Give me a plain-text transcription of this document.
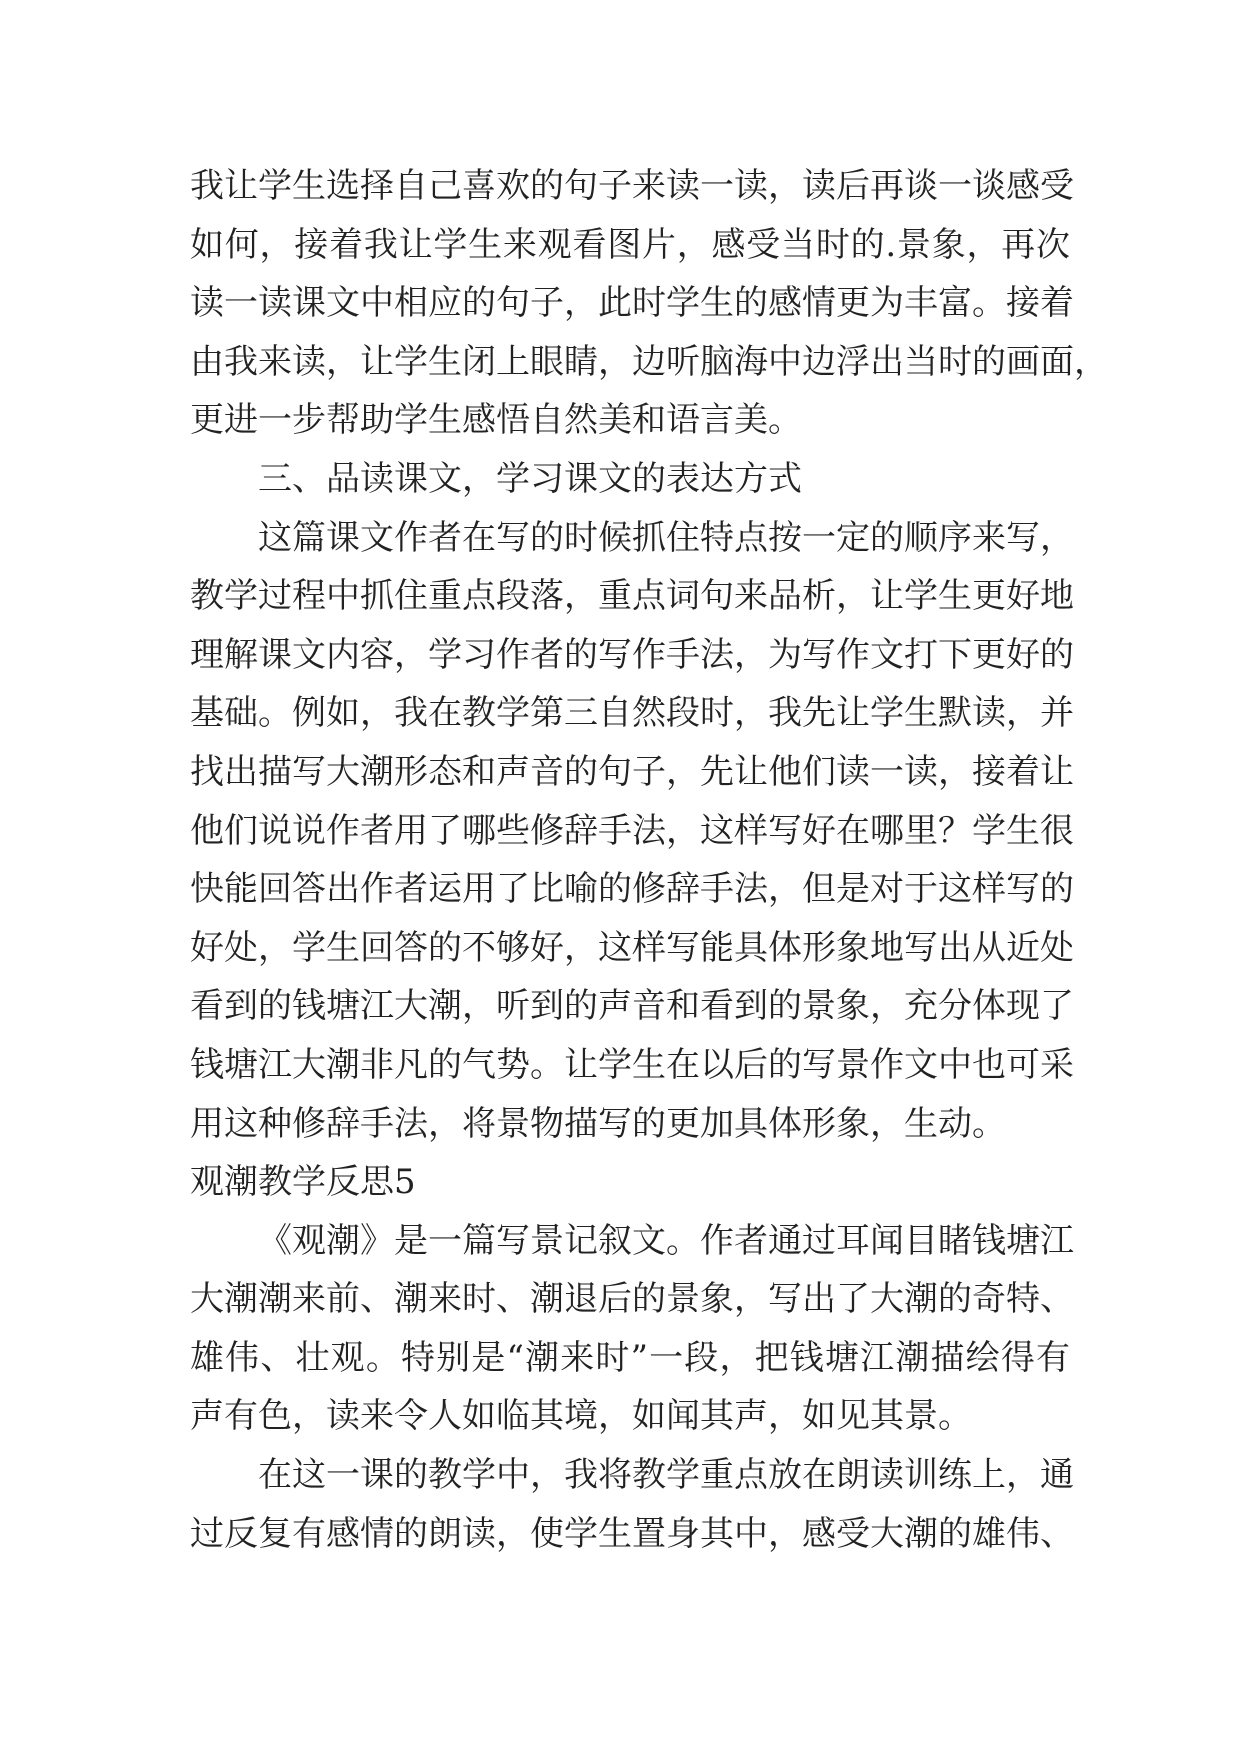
我让学生选择自己喜欢的句子来读一读，读后再谈一谈感受
如何，接着我让学生来观看图片，感受当时的.景象，再次
读一读课文中相应的句子，此时学生的感情更为丰富。接着
由我来读，让学生闭上眼睛，边听脑海中边浮出当时的画面，
更进一步帮助学生感悟自然美和语言美。
三、品读课文，学习课文的表达方式
这篇课文作者在写的时候抓住特点按一定的顺序来写，
教学过程中抓住重点段落，重点词句来品析，让学生更好地
理解课文内容，学习作者的写作手法，为写作文打下更好的
基础。例如，我在教学第三自然段时，我先让学生默读，并
找出描写大潮形态和声音的句子，先让他们读一读，接着让
他们说说作者用了哪些修辞手法，这样写好在哪里？学生很
快能回答出作者运用了比喻的修辞手法，但是对于这样写的
好处，学生回答的不够好，这样写能具体形象地写出从近处
看到的钱塘江大潮，听到的声音和看到的景象，充分体现了
钱塘江大潮非凡的气势。让学生在以后的写景作文中也可采
用这种修辞手法，将景物描写的更加具体形象，生动。
观潮教学反思5
《观潮》是一篇写景记叙文。作者通过耳闻目睹钱塘江
大潮潮来前、潮来时、潮退后的景象，写出了大潮的奇特、
雄伟、壮观。特别是“潮来时”一段，把钱塘江潮描绘得有
声有色，读来令人如临其境，如闻其声，如见其景。
在这一课的教学中，我将教学重点放在朗读训练上，通
过反复有感情的朗读，使学生置身其中，感受大潮的雄伟、
